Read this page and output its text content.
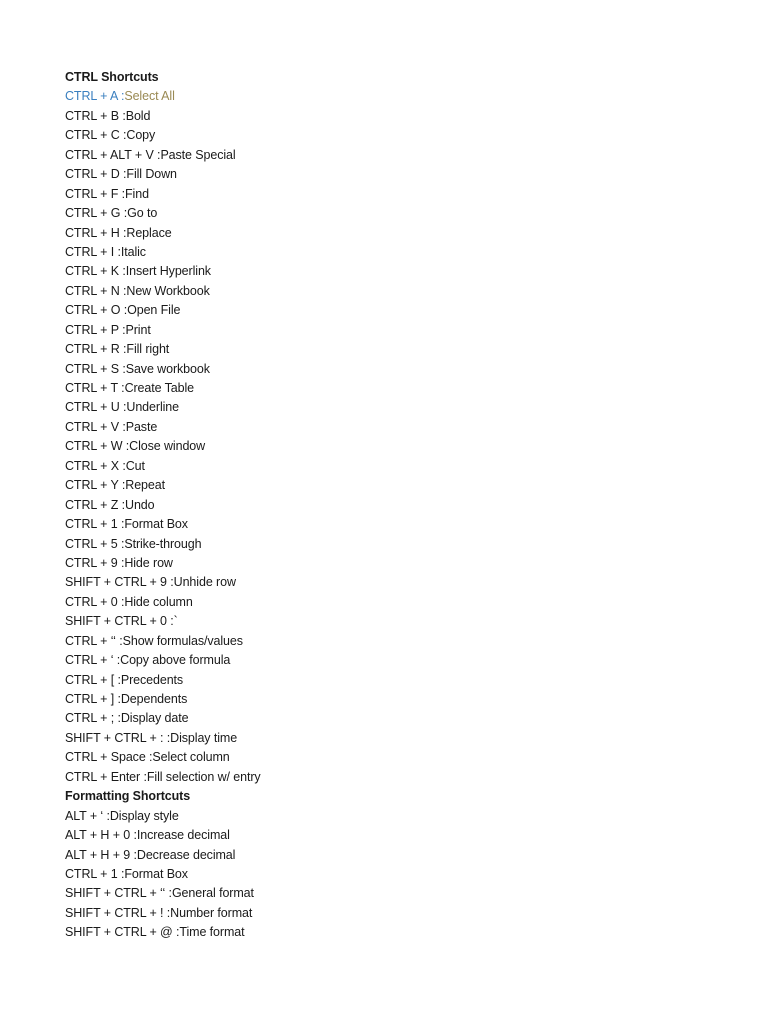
CTRL Shortcuts
CTRL + A :Select All
CTRL + B :Bold
CTRL + C :Copy
CTRL + ALT + V :Paste Special
CTRL + D :Fill Down
CTRL + F :Find
CTRL + G :Go to
CTRL + H :Replace
CTRL + I :Italic
CTRL + K :Insert Hyperlink
CTRL + N :New Workbook
CTRL + O :Open File
CTRL + P :Print
CTRL + R :Fill right
CTRL + S :Save workbook
CTRL + T :Create Table
CTRL + U :Underline
CTRL + V :Paste
CTRL + W :Close window
CTRL + X :Cut
CTRL + Y :Repeat
CTRL + Z :Undo
CTRL + 1 :Format Box
CTRL + 5 :Strike-through
CTRL + 9 :Hide row
SHIFT + CTRL + 9 :Unhide row
CTRL + 0 :Hide column
SHIFT + CTRL + 0 :`
CTRL + ‘‘ :Show formulas/values
CTRL + ‘ :Copy above formula
CTRL + [ :Precedents
CTRL + ] :Dependents
CTRL + ; :Display date
SHIFT + CTRL + : :Display time
CTRL + Space :Select column
CTRL + Enter :Fill selection w/ entry
Formatting Shortcuts
ALT + ‘ :Display style
ALT + H + 0 :Increase decimal
ALT + H + 9 :Decrease decimal
CTRL + 1 :Format Box
SHIFT + CTRL + ‘‘ :General format
SHIFT + CTRL + ! :Number format
SHIFT + CTRL + @ :Time format
